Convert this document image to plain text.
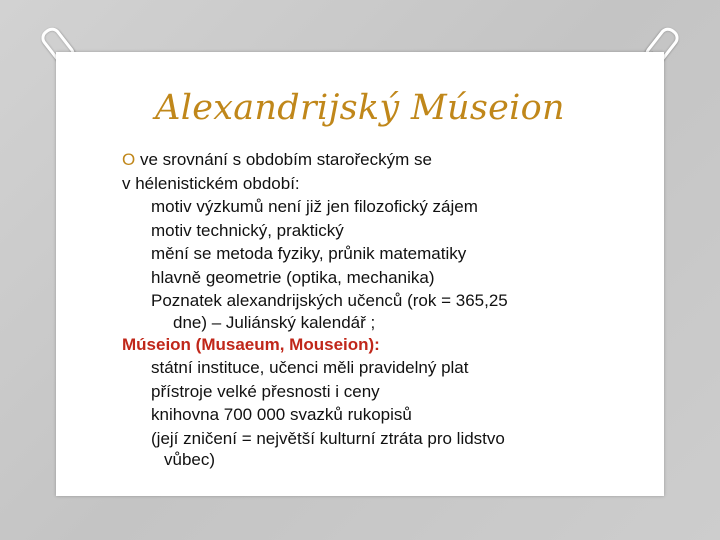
Alexandrijský Múseion
O ve srovnání s obdobím starořeckým se
v hélenistickém období:
motiv výzkumů není již jen filozofický zájem
motiv technický, praktický
mění se metoda fyziky, průnik matematiky
hlavně geometrie (optika, mechanika)
Poznatek alexandrijských učenců (rok = 365,25
dne) – Juliánský kalendář ;
Múseion (Musaeum, Mouseion):
státní instituce, učenci měli pravidelný plat
přístroje velké přesnosti i ceny
knihovna 700 000 svazků rukopisů
(její zničení = největší kulturní ztráta pro lidstvo
vůbec)
